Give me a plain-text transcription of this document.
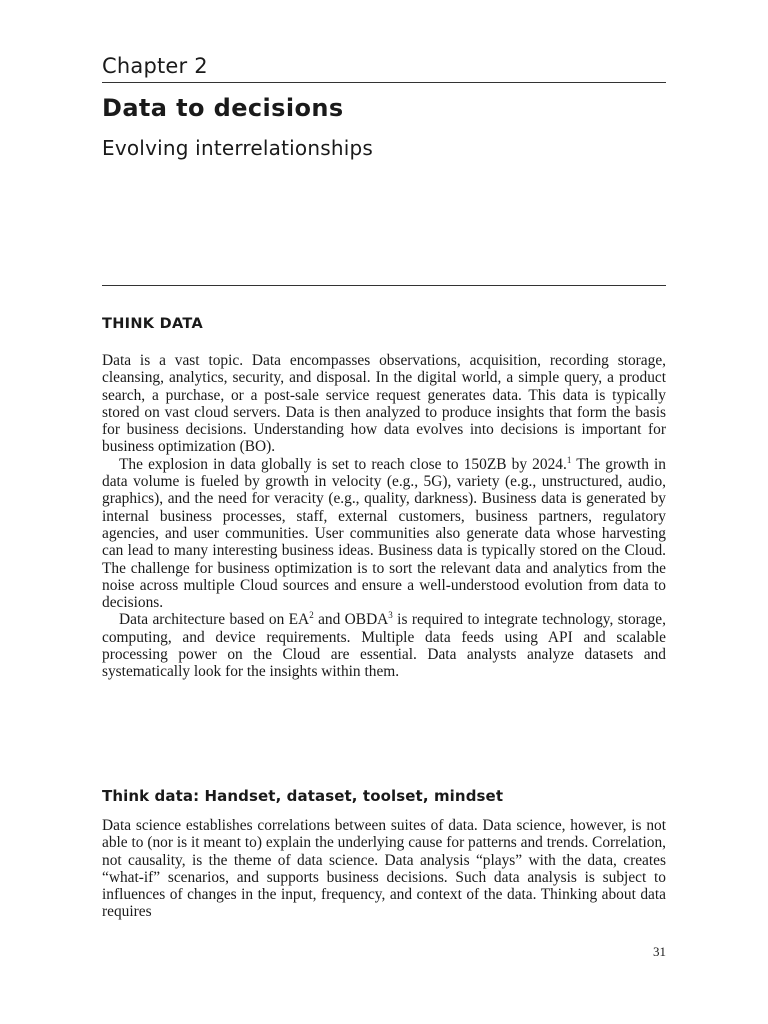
Chapter 2
Data to decisions
Evolving interrelationships
THINK DATA

Data is a vast topic. Data encompasses observations, acquisition, recording storage, cleansing, analytics, security, and disposal. In the digital world, a simple query, a product search, a purchase, or a post-sale service request generates data. This data is typically stored on vast cloud servers. Data is then analyzed to produce insights that form the basis for business decisions. Understanding how data evolves into decisions is important for business optimization (BO).

The explosion in data globally is set to reach close to 150ZB by 2024.$^1$ The growth in data volume is fueled by growth in velocity (e.g., 5G), variety (e.g., unstructured, audio, graphics), and the need for veracity (e.g., quality, darkness). Business data is generated by internal business processes, staff, external customers, business partners, regulatory agencies, and user communities. User communities also generate data whose harvesting can lead to many interesting business ideas. Business data is typically stored on the Cloud. The challenge for business optimization is to sort the relevant data and analytics from the noise across multiple Cloud sources and ensure a well-understood evolution from data to decisions.

Data architecture based on $EA^2$ and OBDA$^3$ is required to integrate technology, storage, computing, and device requirements. Multiple data feeds using API and scalable processing power on the Cloud are essential. Data analysts analyze datasets and systematically look for the insights within them.

Think data: Handset, dataset, toolset, mindset

Data science establishes correlations between suites of data. Data science, however, is not able to (nor is it meant to) explain the underlying cause for patterns and trends. Correlation, not causality, is the theme of data science. Data analysis “plays” with the data, creates “what-if” scenarios, and supports business decisions. Such data analysis is subject to influences of changes in the input, frequency, and context of the data. Thinking about data requires

31
